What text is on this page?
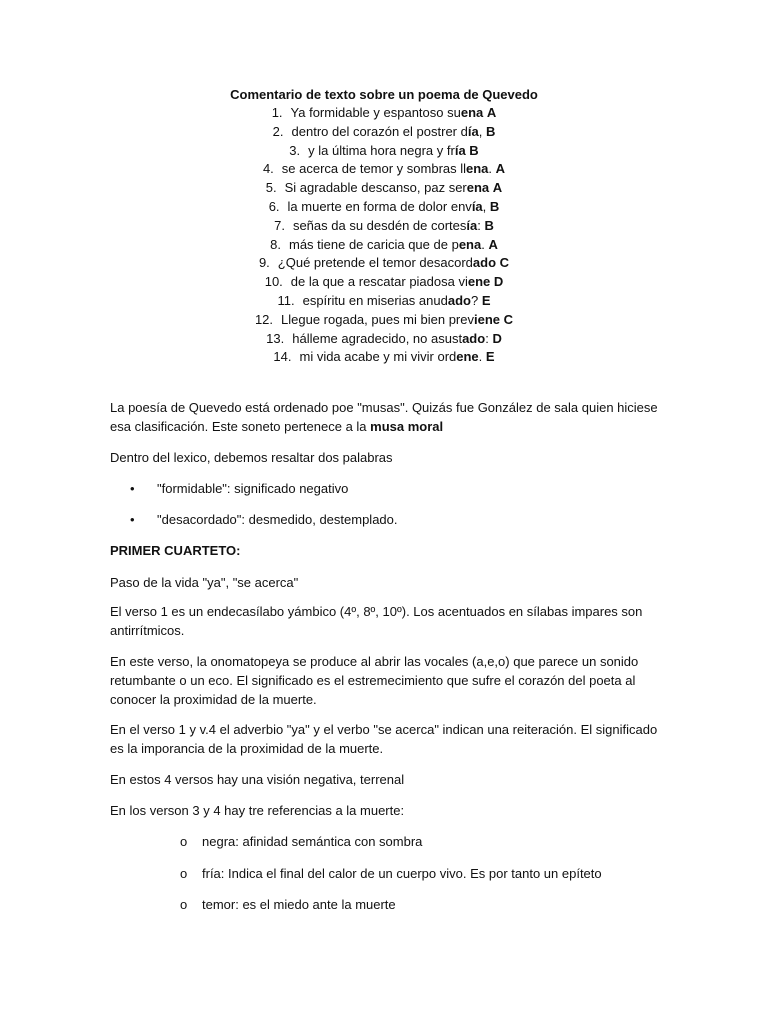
Comentario de texto sobre un poema de Quevedo
1. Ya formidable y espantoso suena A
2. dentro del corazón el postrer día, B
3. y la última hora negra y fría B
4. se acerca de temor y sombras llena. A
5. Si agradable descanso, paz serena A
6. la muerte en forma de dolor envía, B
7. señas da su desdén de cortesía: B
8. más tiene de caricia que de pena. A
9. ¿Qué pretende el temor desacordado C
10. de la que a rescatar piadosa viene D
11. espíritu en miserias anudado? E
12. Llegue rogada, pues mi bien previene C
13. hálleme agradecido, no asustado: D
14. mi vida acabe y mi vivir ordene. E

La poesía de Quevedo está ordenado poe "musas". Quizás fue González de sala quien hiciese esa clasificación. Este soneto pertenece a la musa moral

Dentro del lexico, debemos resaltar dos palabras
• "formidable": significado negativo
• "desacordado": desmedido, destemplado.
PRIMER CUARTETO:
Paso de la vida "ya", "se acerca"
El verso 1 es un endecasílabo yámbico (4º, 8º, 10º). Los acentuados en sílabas impares son antirrítmicos.
En este verso, la onomatopeya se produce al abrir las vocales (a,e,o) que parece un sonido retumbante o un eco. El significado es el estremecimiento que sufre el corazón del poeta al conocer la proximidad de la muerte.
En el verso 1 y v.4 el adverbio "ya" y el verbo "se acerca" indican una reiteración. El significado es la imporancia de la proximidad de la muerte.
En estos 4 versos hay una visión negativa, terrenal
En los verson 3 y 4 hay tre referencias a la muerte:
o negra: afinidad semántica con sombra
o fría: Indica el final del calor de un cuerpo vivo. Es por tanto un epíteto
o temor: es el miedo ante la muerte
